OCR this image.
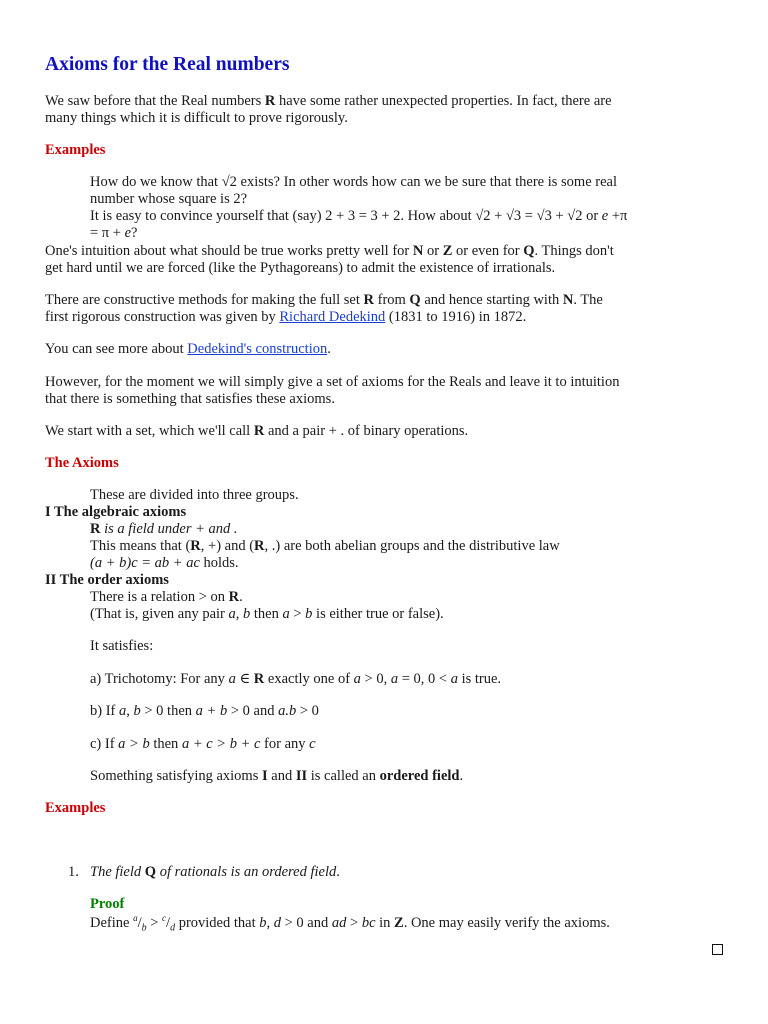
Axioms for the Real numbers
We saw before that the Real numbers R have some rather unexpected properties. In fact, there are
many things which it is difficult to prove rigorously.
Examples
How do we know that √2 exists? In other words how can we be sure that there is some real
number whose square is 2?
It is easy to convince yourself that (say) 2 + 3 = 3 + 2. How about √2 + √3 = √3 + √2 or e +π
= π + e?
One's intuition about what should be true works pretty well for N or Z or even for Q. Things don't
get hard until we are forced (like the Pythagoreans) to admit the existence of irrationals.
There are constructive methods for making the full set R from Q and hence starting with N. The
first rigorous construction was given by Richard Dedekind (1831 to 1916) in 1872.
You can see more about Dedekind's construction.
However, for the moment we will simply give a set of axioms for the Reals and leave it to intuition
that there is something that satisfies these axioms.
We start with a set, which we'll call R and a pair + . of binary operations.
The Axioms
These are divided into three groups.
I The algebraic axioms
R is a field under + and .
This means that (R, +) and (R, .) are both abelian groups and the distributive law
(a + b)c = ab + ac holds.
II The order axioms
There is a relation > on R.
(That is, given any pair a, b then a > b is either true or false).
It satisfies:
a) Trichotomy: For any a ∈ R exactly one of a > 0, a = 0, 0 < a is true.
b) If a, b > 0 then a + b > 0 and a.b > 0
c) If a > b then a + c > b + c for any c
Something satisfying axioms I and II is called an ordered field.
Examples
1. The field Q of rationals is an ordered field.
Proof
Define $^a/_b > ^c/_d$ provided that b, d > 0 and ad > bc in Z. One may easily verify the axioms.
